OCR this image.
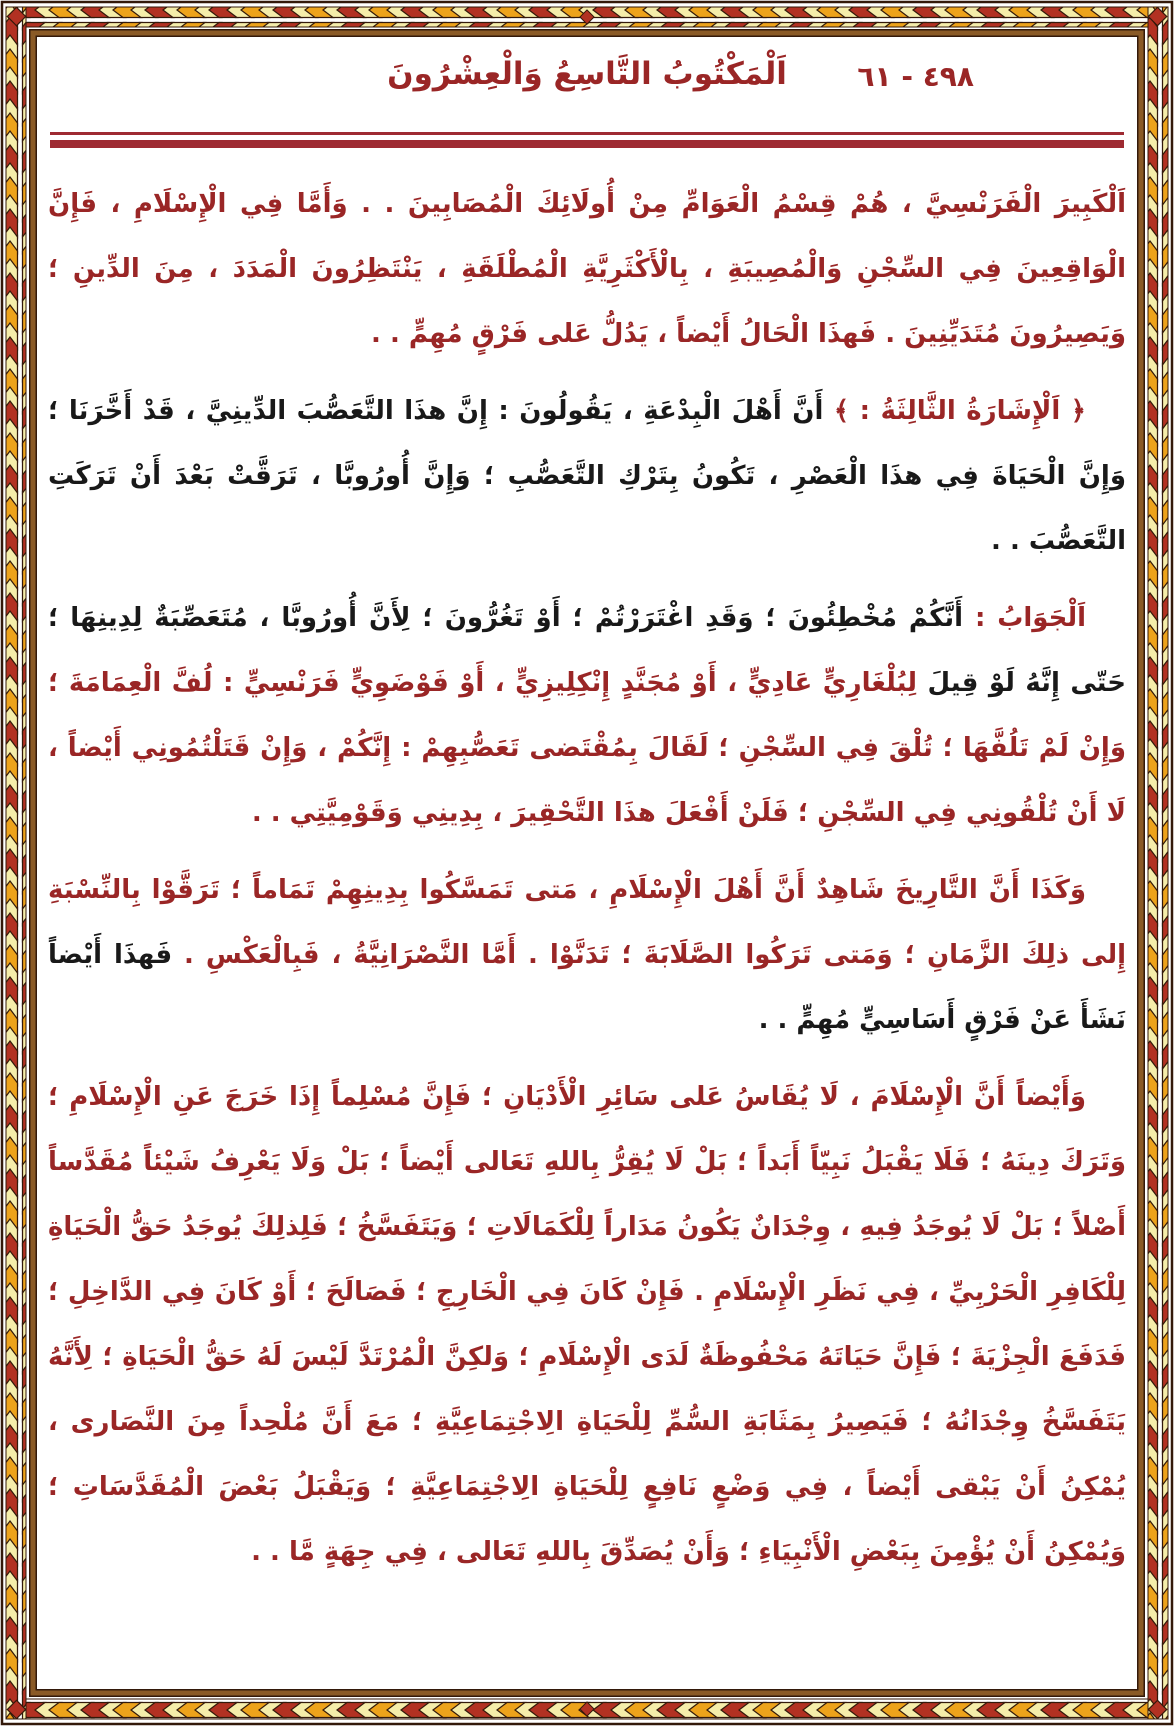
٤٩٨ - ٦١
اَلْمَكْتُوبُ التَّاسِعُ وَالْعِشْرُونَ

اَلْكَبِيرَ الْفَرَنْسِيَّ ، هُمْ قِسْمُ الْعَوَامِّ مِنْ أُولَائِكَ الْمُصَابِينَ . . وَأَمَّا فِي الْإِسْلَامِ ، فَإِنَّ الْوَاقِعِينَ فِي السِّجْنِ وَالْمُصِيبَةِ ، بِالْأَكْثَرِيَّةِ الْمُطْلَقَةِ ، يَنْتَظِرُونَ الْمَدَدَ ، مِنَ الدِّينِ ؛ وَيَصِيرُونَ مُتَدَيِّنِينَ . فَهذَا الْحَالُ أَيْضاً ، يَدُلُّ عَلى فَرْقٍ مُهِمٍّ . .

﴿ اَلْإِشَارَةُ الثَّالِثَةُ : ﴾ أَنَّ أَهْلَ الْبِدْعَةِ ، يَقُولُونَ : إِنَّ هذَا التَّعَصُّبَ الدِّينِيَّ ، قَدْ أَخَّرَنَا ؛ وَإِنَّ الْحَيَاةَ فِي هذَا الْعَصْرِ ، تَكُونُ بِتَرْكِ التَّعَصُّبِ ؛ وَإِنَّ أُورُوبَّا ، تَرَقَّتْ بَعْدَ أَنْ تَرَكَتِ التَّعَصُّبَ . .

اَلْجَوَابُ : أَنَّكُمْ مُخْطِئُونَ ؛ وَقَدِ اغْتَرَرْتُمْ ؛ أَوْ تَغُرُّونَ ؛ لِأَنَّ أُورُوبَّا ، مُتَعَصِّبَةٌ لِدِينِهَا ؛ حَتّى إِنَّهُ لَوْ قِيلَ لِبُلْغَارِيٍّ عَادِيٍّ ، أَوْ مُجَنَّدٍ إِنْكِلِيزِيٍّ ، أَوْ فَوْضَوِيٍّ فَرَنْسِيٍّ : لُفَّ الْعِمَامَةَ ؛ وَإِنْ لَمْ تَلُفَّهَا ؛ تُلْقَ فِي السِّجْنِ ؛ لَقَالَ بِمُقْتَضى تَعَصُّبِهِمْ : إِنَّكُمْ ، وَإِنْ قَتَلْتُمُونِي أَيْضاً ، لَا أَنْ تُلْقُونِي فِي السِّجْنِ ؛ فَلَنْ أَفْعَلَ هذَا التَّحْقِيرَ ، بِدِينِي وَقَوْمِيَّتِي . .

وَكَذَا أَنَّ التَّارِيخَ شَاهِدٌ أَنَّ أَهْلَ الْإِسْلَامِ ، مَتى تَمَسَّكُوا بِدِينِهِمْ تَمَاماً ؛ تَرَقَّوْا بِالنِّسْبَةِ إِلى ذلِكَ الزَّمَانِ ؛ وَمَتى تَرَكُوا الصَّلَابَةَ ؛ تَدَنَّوْا . أَمَّا النَّصْرَانِيَّةُ ، فَبِالْعَكْسِ . فَهذَا أَيْضاً نَشَأَ عَنْ فَرْقٍ أَسَاسِيٍّ مُهِمٍّ . .

وَأَيْضاً أَنَّ الْإِسْلَامَ ، لَا يُقَاسُ عَلى سَائِرِ الْأَدْيَانِ ؛ فَإِنَّ مُسْلِماً إِذَا خَرَجَ عَنِ الْإِسْلَامِ ؛ وَتَرَكَ دِينَهُ ؛ فَلَا يَقْبَلُ نَبِيّاً أَبَداً ؛ بَلْ لَا يُقِرُّ بِاللهِ تَعَالى أَيْضاً ؛ بَلْ وَلَا يَعْرِفُ شَيْئاً مُقَدَّساً أَصْلاً ؛ بَلْ لَا يُوجَدُ فِيهِ ، وِجْدَانٌ يَكُونُ مَدَاراً لِلْكَمَالَاتِ ؛ وَيَتَفَسَّخُ ؛ فَلِذلِكَ يُوجَدُ حَقُّ الْحَيَاةِ لِلْكَافِرِ الْحَرْبِيِّ ، فِي نَظَرِ الْإِسْلَامِ . فَإِنْ كَانَ فِي الْخَارِجِ ؛ فَصَالَحَ ؛ أَوْ كَانَ فِي الدَّاخِلِ ؛ فَدَفَعَ الْجِزْيَةَ ؛ فَإِنَّ حَيَاتَهُ مَحْفُوظَةٌ لَدَى الْإِسْلَامِ ؛ وَلكِنَّ الْمُرْتَدَّ لَيْسَ لَهُ حَقُّ الْحَيَاةِ ؛ لِأَنَّهُ يَتَفَسَّخُ وِجْدَانُهُ ؛ فَيَصِيرُ بِمَثَابَةِ السُّمِّ لِلْحَيَاةِ الِاجْتِمَاعِيَّةِ ؛ مَعَ أَنَّ مُلْحِداً مِنَ النَّصَارى ، يُمْكِنُ أَنْ يَبْقى أَيْضاً ، فِي وَضْعٍ نَافِعٍ لِلْحَيَاةِ الِاجْتِمَاعِيَّةِ ؛ وَيَقْبَلُ بَعْضَ الْمُقَدَّسَاتِ ؛ وَيُمْكِنُ أَنْ يُؤْمِنَ بِبَعْضِ الْأَنْبِيَاءِ ؛ وَأَنْ يُصَدِّقَ بِاللهِ تَعَالى ، فِي جِهَةٍ مَّا . .
